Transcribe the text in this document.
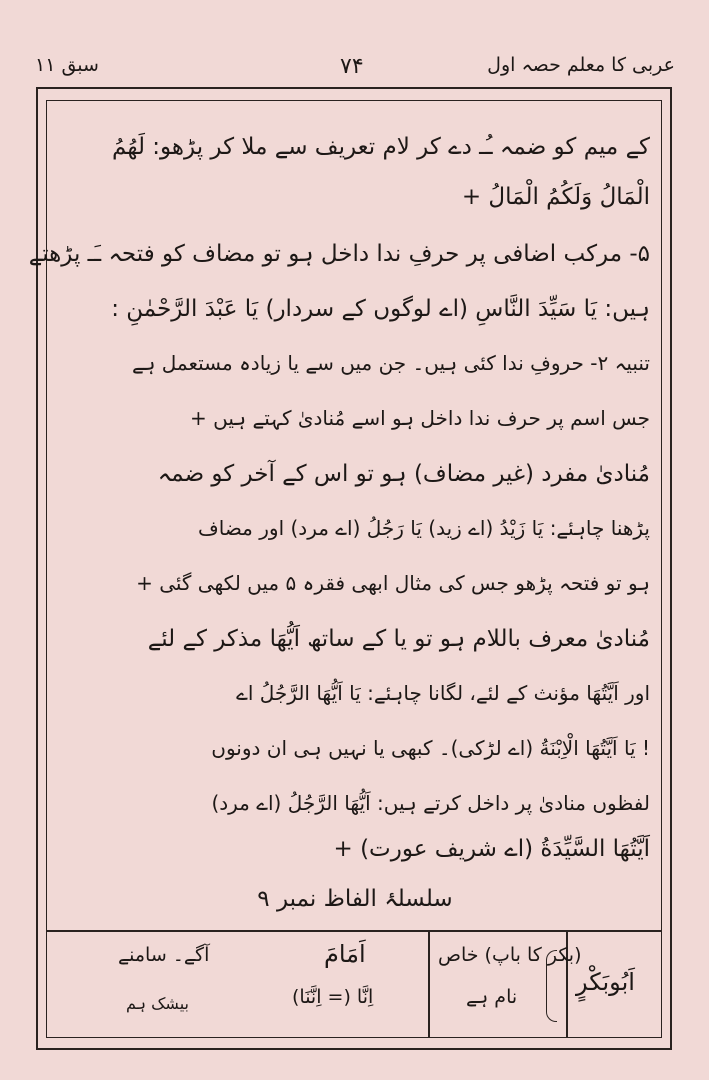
سبق ۱۱	۷۴	عربی کا معلم حصہ اول
کے میم کو ضمہ ـُـ دے کر لام تعریف سے ملا کر پڑھو: لَهُمُ
الْمَالُ وَلَكُمُ الْمَالُ +
۵- مرکب اضافی پر حرفِ ندا داخل ہو تو مضاف کو فتحہ ـَـ پڑھتے
ہیں: يَا سَيِّدَ النَّاسِ (اے لوگوں کے سردار) يَا عَبْدَ الرَّحْمٰنِ :
تنبیہ ۲- حروفِ ندا کئی ہیں۔ جن میں سے یا زیادہ مستعمل ہے
جس اسم پر حرف ندا داخل ہو اسے مُنادیٰ کہتے ہیں +
مُنادیٰ مفرد (غیر مضاف) ہو تو اس کے آخر کو ضمہ
پڑھنا چاہئے: يَا زَيْدُ (اے زید) يَا رَجُلُ (اے مرد) اور مضاف
ہو تو فتحہ پڑھو جس کی مثال ابھی فقرہ ۵ میں لکھی گئی +
مُنادیٰ معرف باللام ہو تو یا کے ساتھ اَيُّهَا مذکر کے لئے
اور اَيَّتُهَا مؤنث کے لئے، لگانا چاہئے: يَا اَيُّهَا الرَّجُلُ اے
! يَا اَيَّتُهَا الْاِبْنَةُ (اے لڑکی)۔ کبھی یا نہیں ہی ان دونوں
لفظوں منادیٰ پر داخل کرتے ہیں: اَيُّهَا الرَّجُلُ (اے مرد)
اَيَّتُهَا السَّيِّدَةُ (اے شریف عورت) +
سلسلۂ الفاظ نمبر ۹
اَبُوبَكْرٍ
(بکر کا باپ) خاص
نام ہے
اَمَامَ
اِنَّا (= اِنَّنَا)
آگے۔ سامنے
بیشک ہم
